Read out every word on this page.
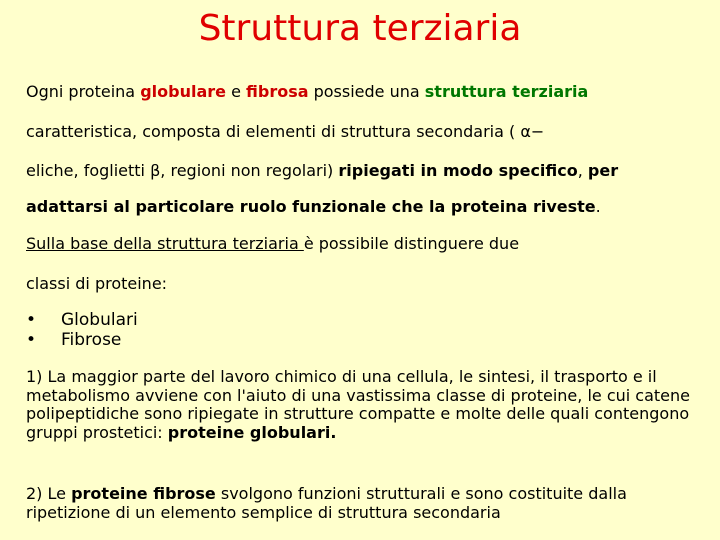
Struttura terziaria
Ogni proteina globulare e fibrosa possiede una struttura terziaria
caratteristica, composta di elementi di struttura secondaria ( α−
eliche, foglietti β, regioni non regolari) ripiegati in modo specifico, per
adattarsi al particolare ruolo funzionale che la proteina riveste.
Sulla base della struttura terziaria è possibile distinguere due
classi di proteine:
•	Globulari
•	Fibrose
1) La maggior parte del lavoro chimico di una cellula, le sintesi, il trasporto e il metabolismo avviene con l'aiuto di una vastissima classe di proteine, le cui catene polipeptidiche sono ripiegate in strutture compatte e molte delle quali contengono gruppi prostetici: proteine globulari.
2) Le proteine fibrose svolgono funzioni strutturali e sono costituite dalla ripetizione di un elemento semplice di struttura secondaria
